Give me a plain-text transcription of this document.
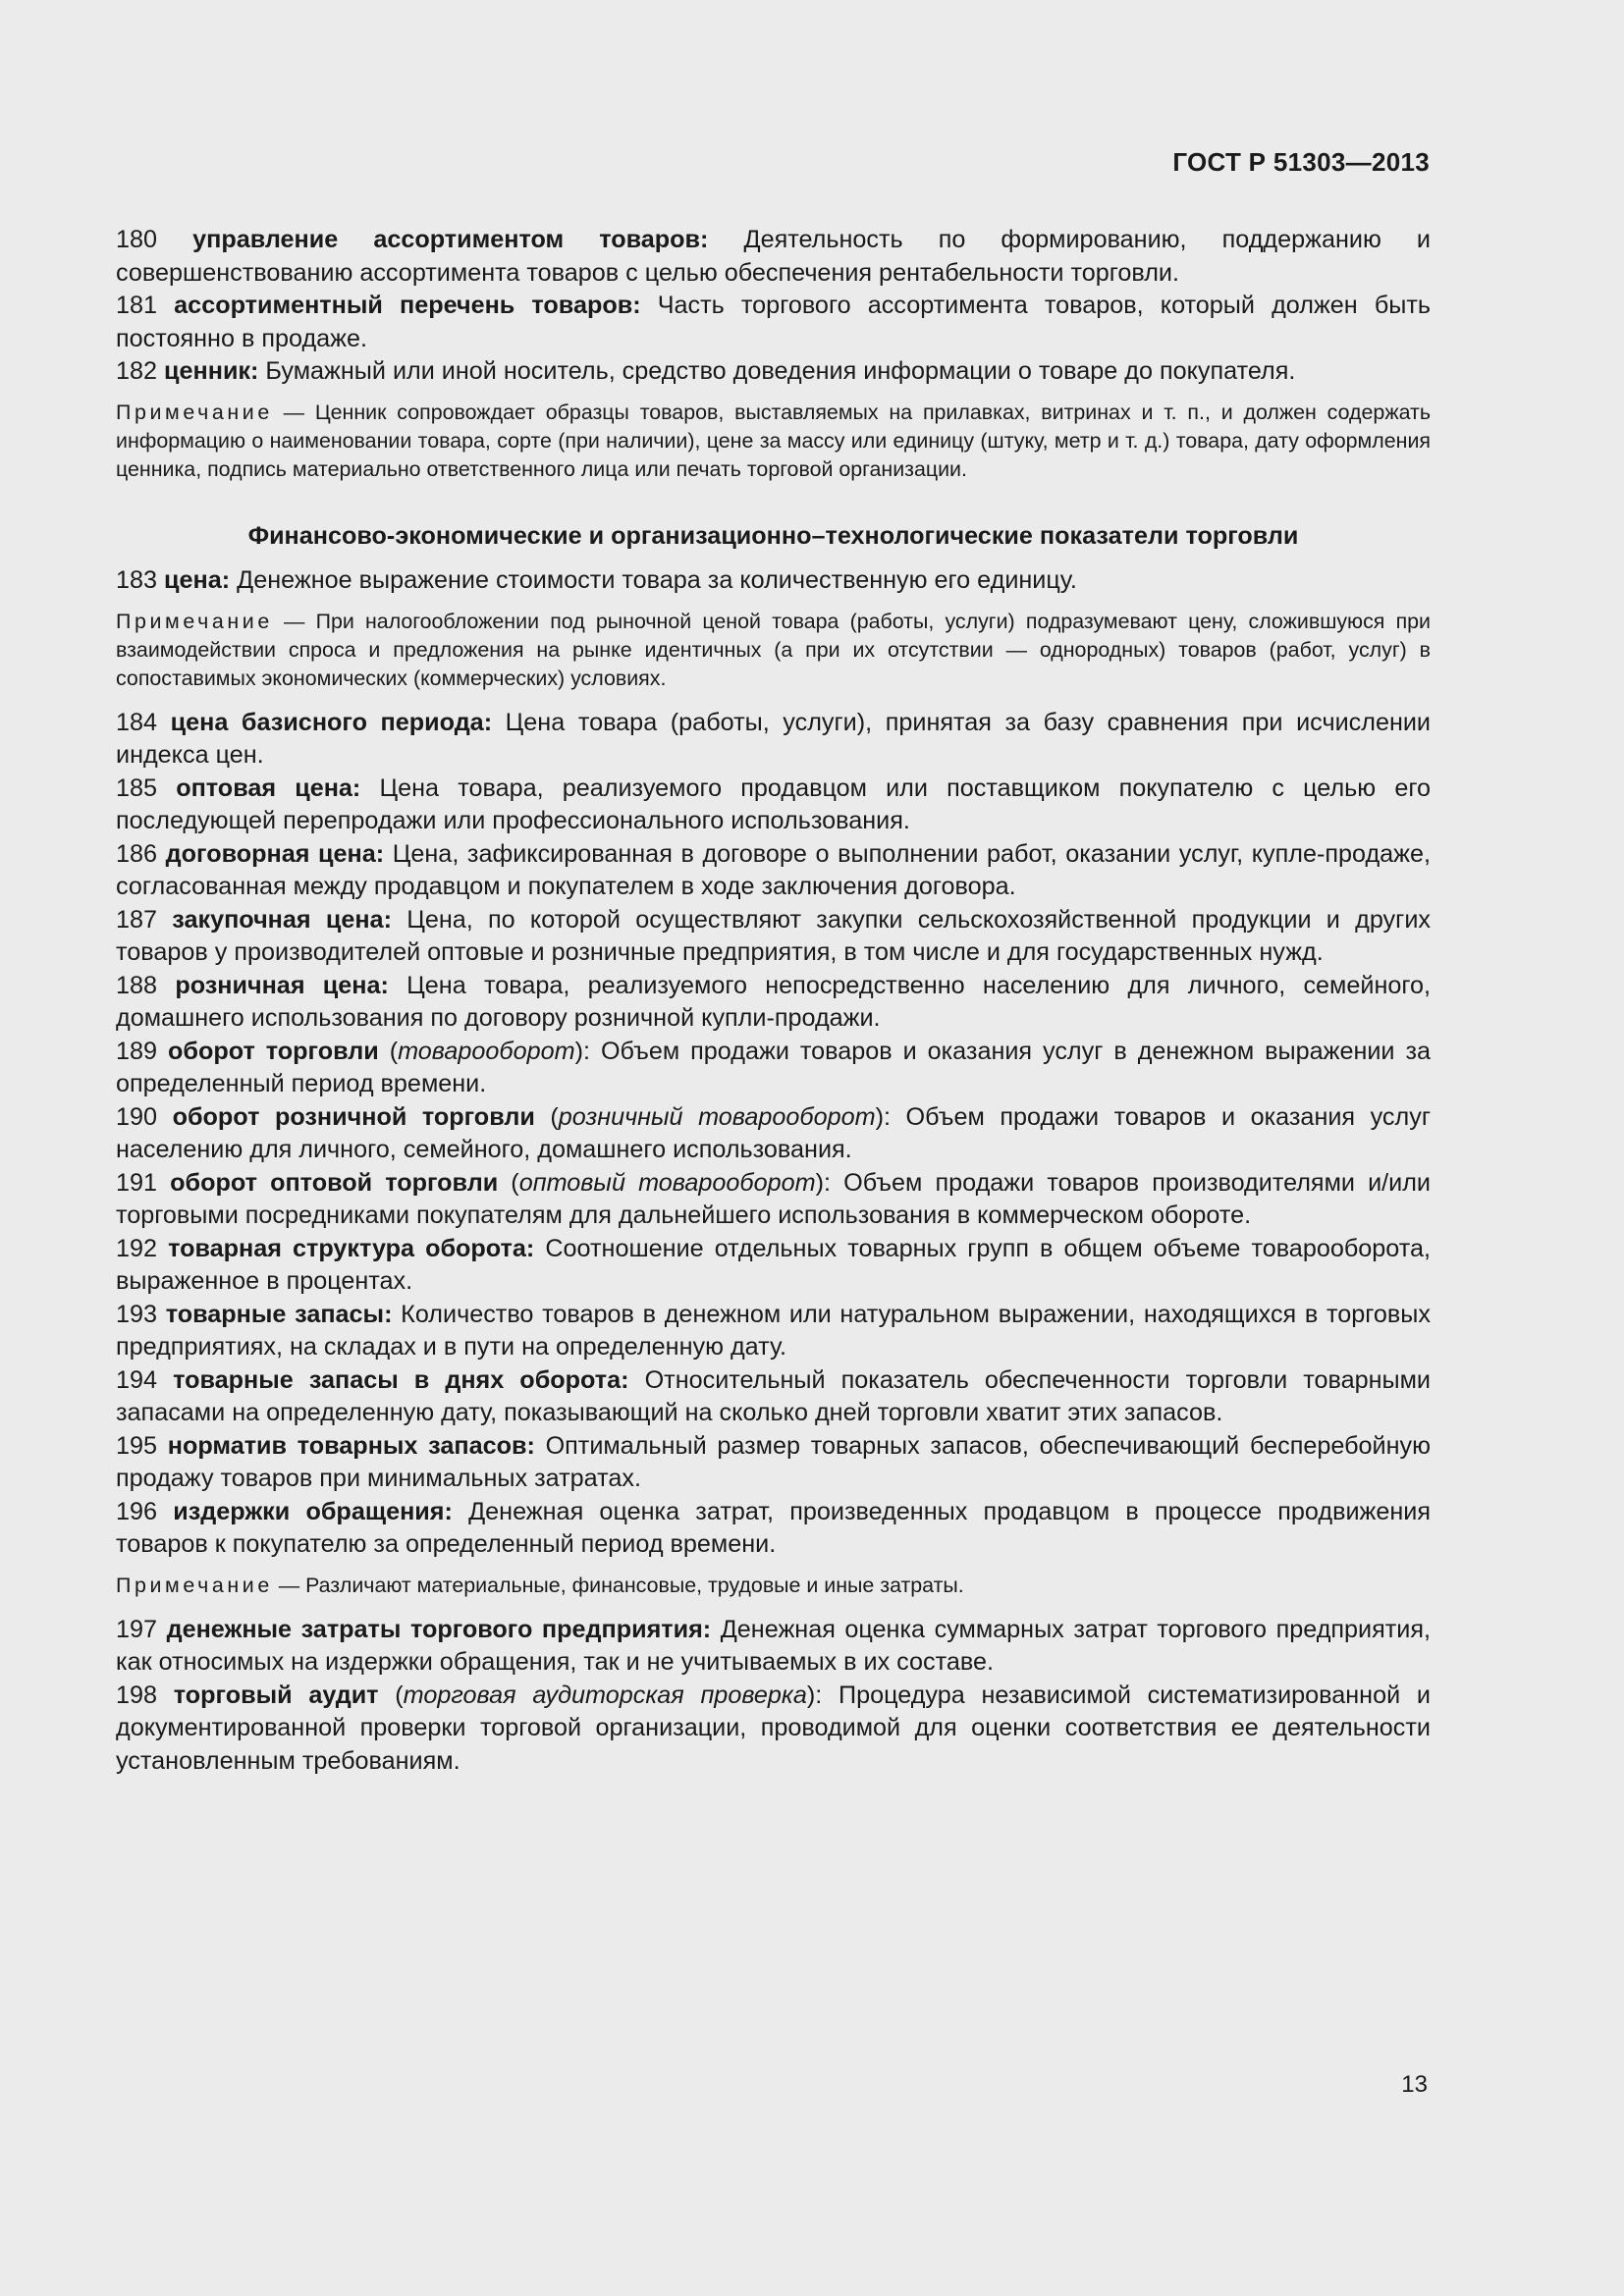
ГОСТ Р 51303—2013

180 управление ассортиментом товаров: Деятельность по формированию, поддержанию и совершенствованию ассортимента товаров с целью обеспечения рентабельности торговли.

181 ассортиментный перечень товаров: Часть торгового ассортимента товаров, который должен быть постоянно в продаже.

182 ценник: Бумажный или иной носитель, средство доведения информации о товаре до покупателя.

Примечание — Ценник сопровождает образцы товаров, выставляемых на прилавках, витринах и т. п., и должен содержать информацию о наименовании товара, сорте (при наличии), цене за массу или единицу (штуку, метр и т. д.) товара, дату оформления ценника, подпись материально ответственного лица или печать торговой организации.

Финансово-экономические и организационно–технологические показатели торговли

183 цена: Денежное выражение стоимости товара за количественную его единицу.

Примечание — При налогообложении под рыночной ценой товара (работы, услуги) подразумевают цену, сложившуюся при взаимодействии спроса и предложения на рынке идентичных (а при их отсутствии — однородных) товаров (работ, услуг) в сопоставимых экономических (коммерческих) условиях.

184 цена базисного периода: Цена товара (работы, услуги), принятая за базу сравнения при исчислении индекса цен.

185 оптовая цена: Цена товара, реализуемого продавцом или поставщиком покупателю с целью его последующей перепродажи или профессионального использования.

186 договорная цена: Цена, зафиксированная в договоре о выполнении работ, оказании услуг, купле-продаже, согласованная между продавцом и покупателем в ходе заключения договора.

187 закупочная цена: Цена, по которой осуществляют закупки сельскохозяйственной продукции и других товаров у производителей оптовые и розничные предприятия, в том числе и для государственных нужд.

188 розничная цена: Цена товара, реализуемого непосредственно населению для личного, семейного, домашнего использования по договору розничной купли-продажи.

189 оборот торговли (товарооборот): Объем продажи товаров и оказания услуг в денежном выражении за определенный период времени.

190 оборот розничной торговли (розничный товарооборот): Объем продажи товаров и оказания услуг населению для личного, семейного, домашнего использования.

191 оборот оптовой торговли (оптовый товарооборот): Объем продажи товаров производителями и/или торговыми посредниками покупателям для дальнейшего использования в коммерческом обороте.

192 товарная структура оборота: Соотношение отдельных товарных групп в общем объеме товарооборота, выраженное в процентах.

193 товарные запасы: Количество товаров в денежном или натуральном выражении, находящихся в торговых предприятиях, на складах и в пути на определенную дату.

194 товарные запасы в днях оборота: Относительный показатель обеспеченности торговли товарными запасами на определенную дату, показывающий на сколько дней торговли хватит этих запасов.

195 норматив товарных запасов: Оптимальный размер товарных запасов, обеспечивающий бесперебойную продажу товаров при минимальных затратах.

196 издержки обращения: Денежная оценка затрат, произведенных продавцом в процессе продвижения товаров к покупателю за определенный период времени.

Примечание — Различают материальные, финансовые, трудовые и иные затраты.

197 денежные затраты торгового предприятия: Денежная оценка суммарных затрат торгового предприятия, как относимых на издержки обращения, так и не учитываемых в их составе.

198 торговый аудит (торговая аудиторская проверка): Процедура независимой систематизированной и документированной проверки торговой организации, проводимой для оценки соответствия ее деятельности установленным требованиям.

13
